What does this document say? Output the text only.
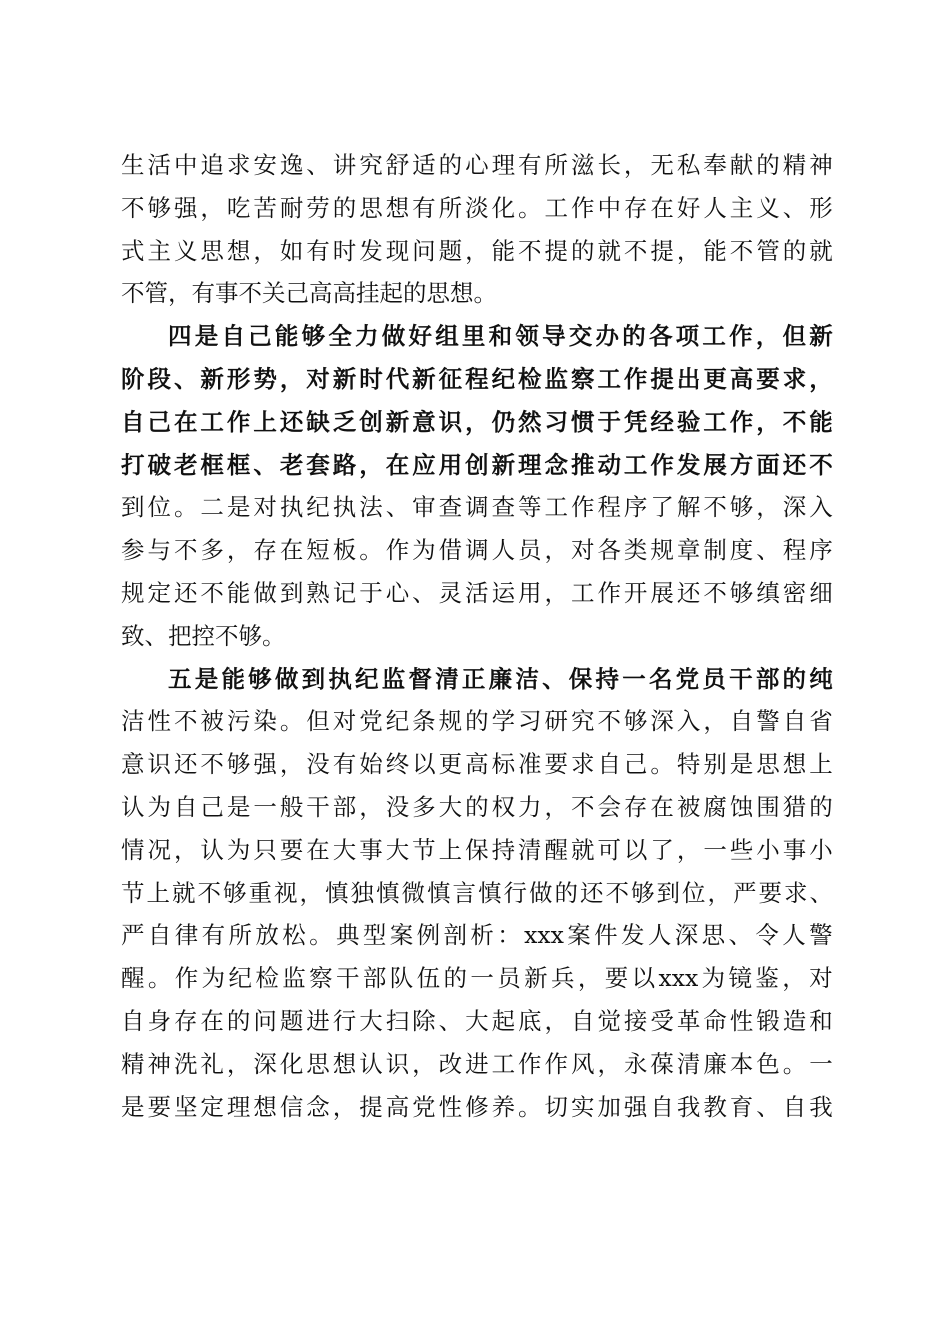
生 活 中 追 求 安 逸 、 讲 究 舒 适 的 心 理 有 所 滋 长 ， 无 私 奉 献 的 精 神
不 够 强 ， 吃 苦 耐 劳 的 思 想 有 所 淡 化 。 工 作 中 存 在 好 人 主 义 、 形
式 主 义 思 想 ， 如 有 时 发 现 问 题 ， 能 不 提 的 就 不 提 ， 能 不 管 的 就
不管，有事不关己高高挂起的思想。
四 是 自 己 能 够 全 力 做 好 组 里 和 领 导 交 办 的 各 项 工 作 ， 但 新
阶 段 、 新 形 势 ， 对 新 时 代 新 征 程 纪 检 监 察 工 作 提 出 更 高 要 求 ，
自 己 在 工 作 上 还 缺 乏 创 新 意 识 ， 仍 然 习 惯 于 凭 经 验 工 作 ， 不 能
打 破 老 框 框 、 老 套 路 ， 在 应 用 创 新 理 念 推 动 工 作 发 展 方 面 还 不
到 位 。 二 是 对 执 纪 执 法 、 审 查 调 查 等 工 作 程 序 了 解 不 够 ， 深 入
参 与 不 多 ， 存 在 短 板 。 作 为 借 调 人 员 ， 对 各 类 规 章 制 度 、 程 序
规 定 还 不 能 做 到 熟 记 于 心 、 灵 活 运 用 ， 工 作 开 展 还 不 够 缜 密 细
致、把控不够。
五 是 能 够 做 到 执 纪 监 督 清 正 廉 洁 、 保 持 一 名 党 员 干 部 的 纯
洁 性 不 被 污 染 。 但 对 党 纪 条 规 的 学 习 研 究 不 够 深 入 ， 自 警 自 省
意 识 还 不 够 强 ， 没 有 始 终 以 更 高 标 准 要 求 自 己 。 特 别 是 思 想 上
认 为 自 己 是 一 般 干 部 ， 没 多 大 的 权 力 ， 不 会 存 在 被 腐 蚀 围 猎 的
情 况 ， 认 为 只 要 在 大 事 大 节 上 保 持 清 醒 就 可 以 了 ， 一 些 小 事 小
节 上 就 不 够 重 视 ， 慎 独 慎 微 慎 言 慎 行 做 的 还 不 够 到 位 ， 严 要 求 、
严 自 律 有 所 放 松 。 典 型 案 例 剖 析 ： xxx 案 件 发 人 深 思 、 令 人 警
醒 。 作 为 纪 检 监 察 干 部 队 伍 的 一 员 新 兵 ， 要 以 xxx 为 镜 鉴 ， 对
自 身 存 在 的 问 题 进 行 大 扫 除 、 大 起 底 ， 自 觉 接 受 革 命 性 锻 造 和
精 神 洗 礼 ， 深 化 思 想 认 识 ， 改 进 工 作 作 风 ， 永 葆 清 廉 本 色 。 一
是 要 坚 定 理 想 信 念 ， 提 高 党 性 修 养 。 切 实 加 强 自 我 教 育 、 自 我
